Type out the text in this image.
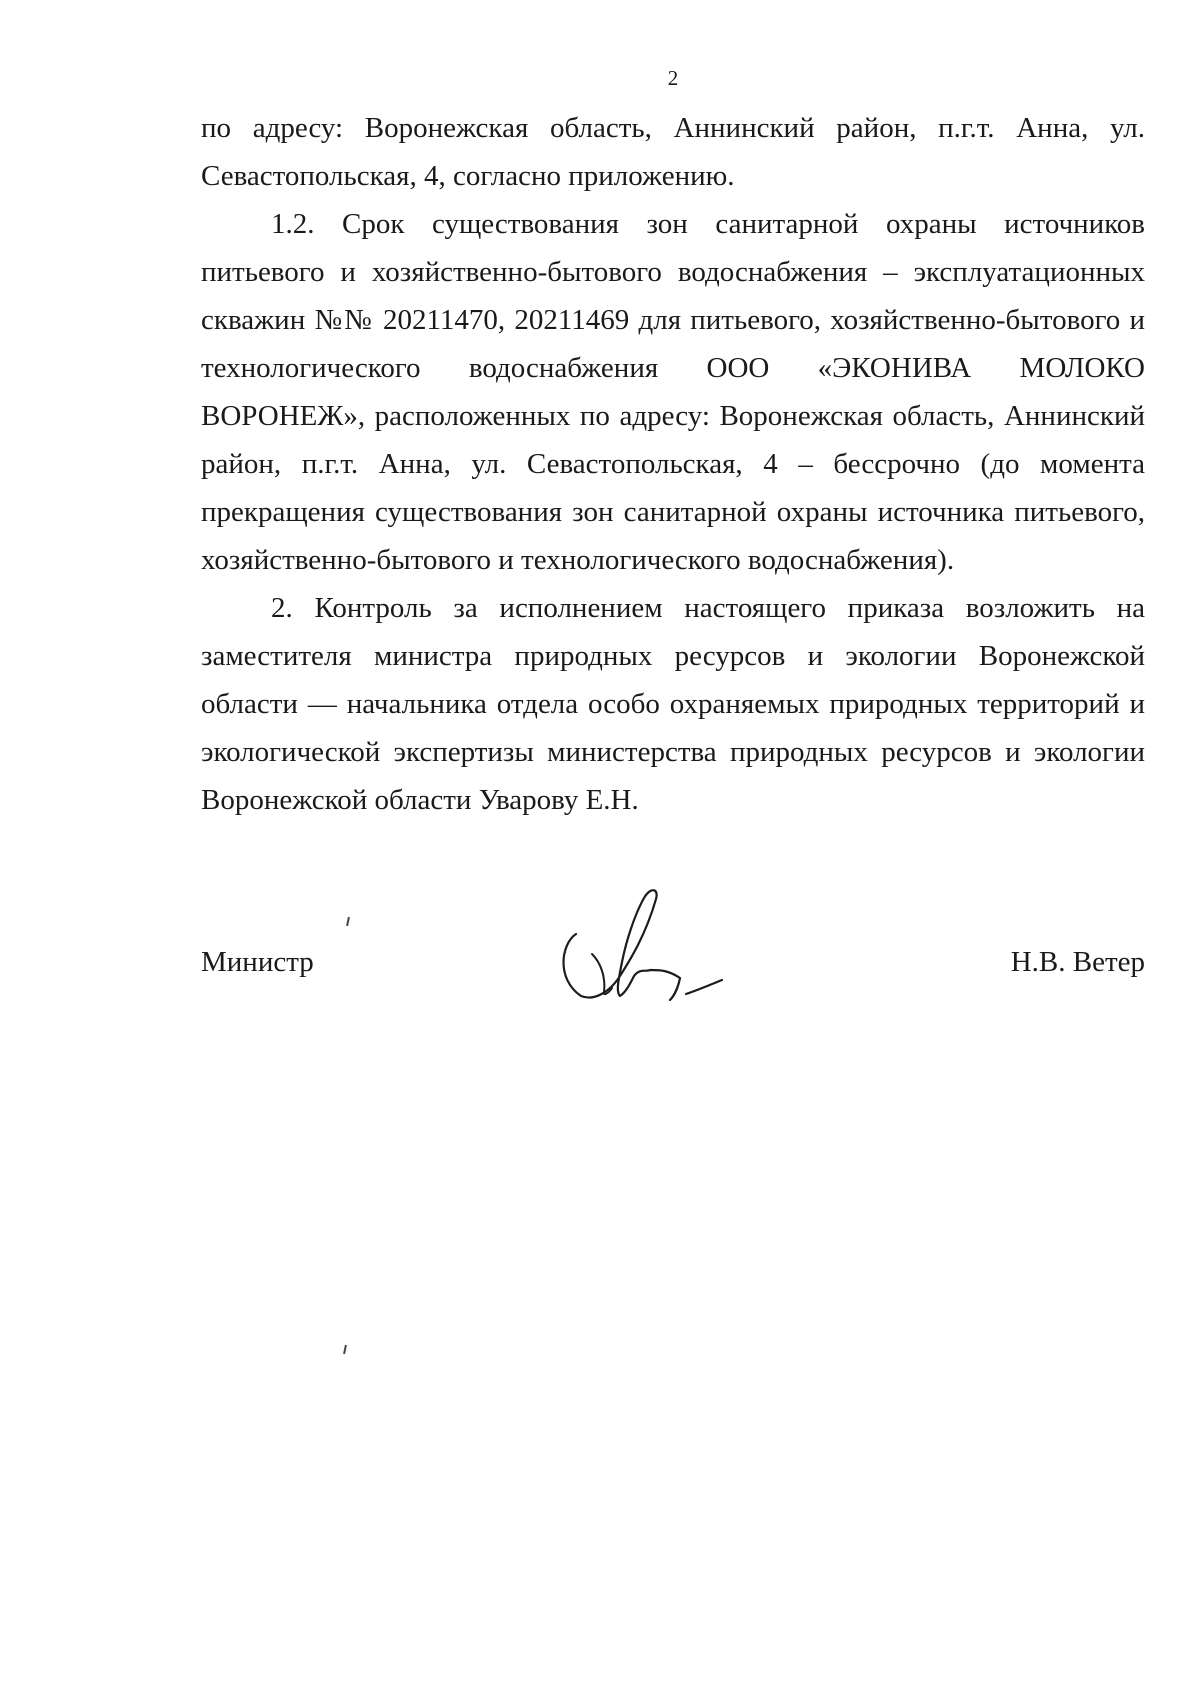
2

по адресу: Воронежская область, Аннинский район, п.г.т. Анна, ул. Севастопольская, 4, согласно приложению.

1.2. Срок существования зон санитарной охраны источников питьевого и хозяйственно-бытового водоснабжения – эксплуатационных скважин №№ 20211470, 20211469 для питьевого, хозяйственно-бытового и технологического водоснабжения ООО «ЭКОНИВА МОЛОКО ВОРОНЕЖ», расположенных по адресу: Воронежская область, Аннинский район, п.г.т. Анна, ул. Севастопольская, 4 – бессрочно (до момента прекращения существования зон санитарной охраны источника питьевого, хозяйственно-бытового и технологического водоснабжения).

2. Контроль за исполнением настоящего приказа возложить на заместителя министра природных ресурсов и экологии Воронежской области — начальника отдела особо охраняемых природных территорий и экологической экспертизы министерства природных ресурсов и экологии Воронежской области Уварову Е.Н.

Министр	Н.В. Ветер
